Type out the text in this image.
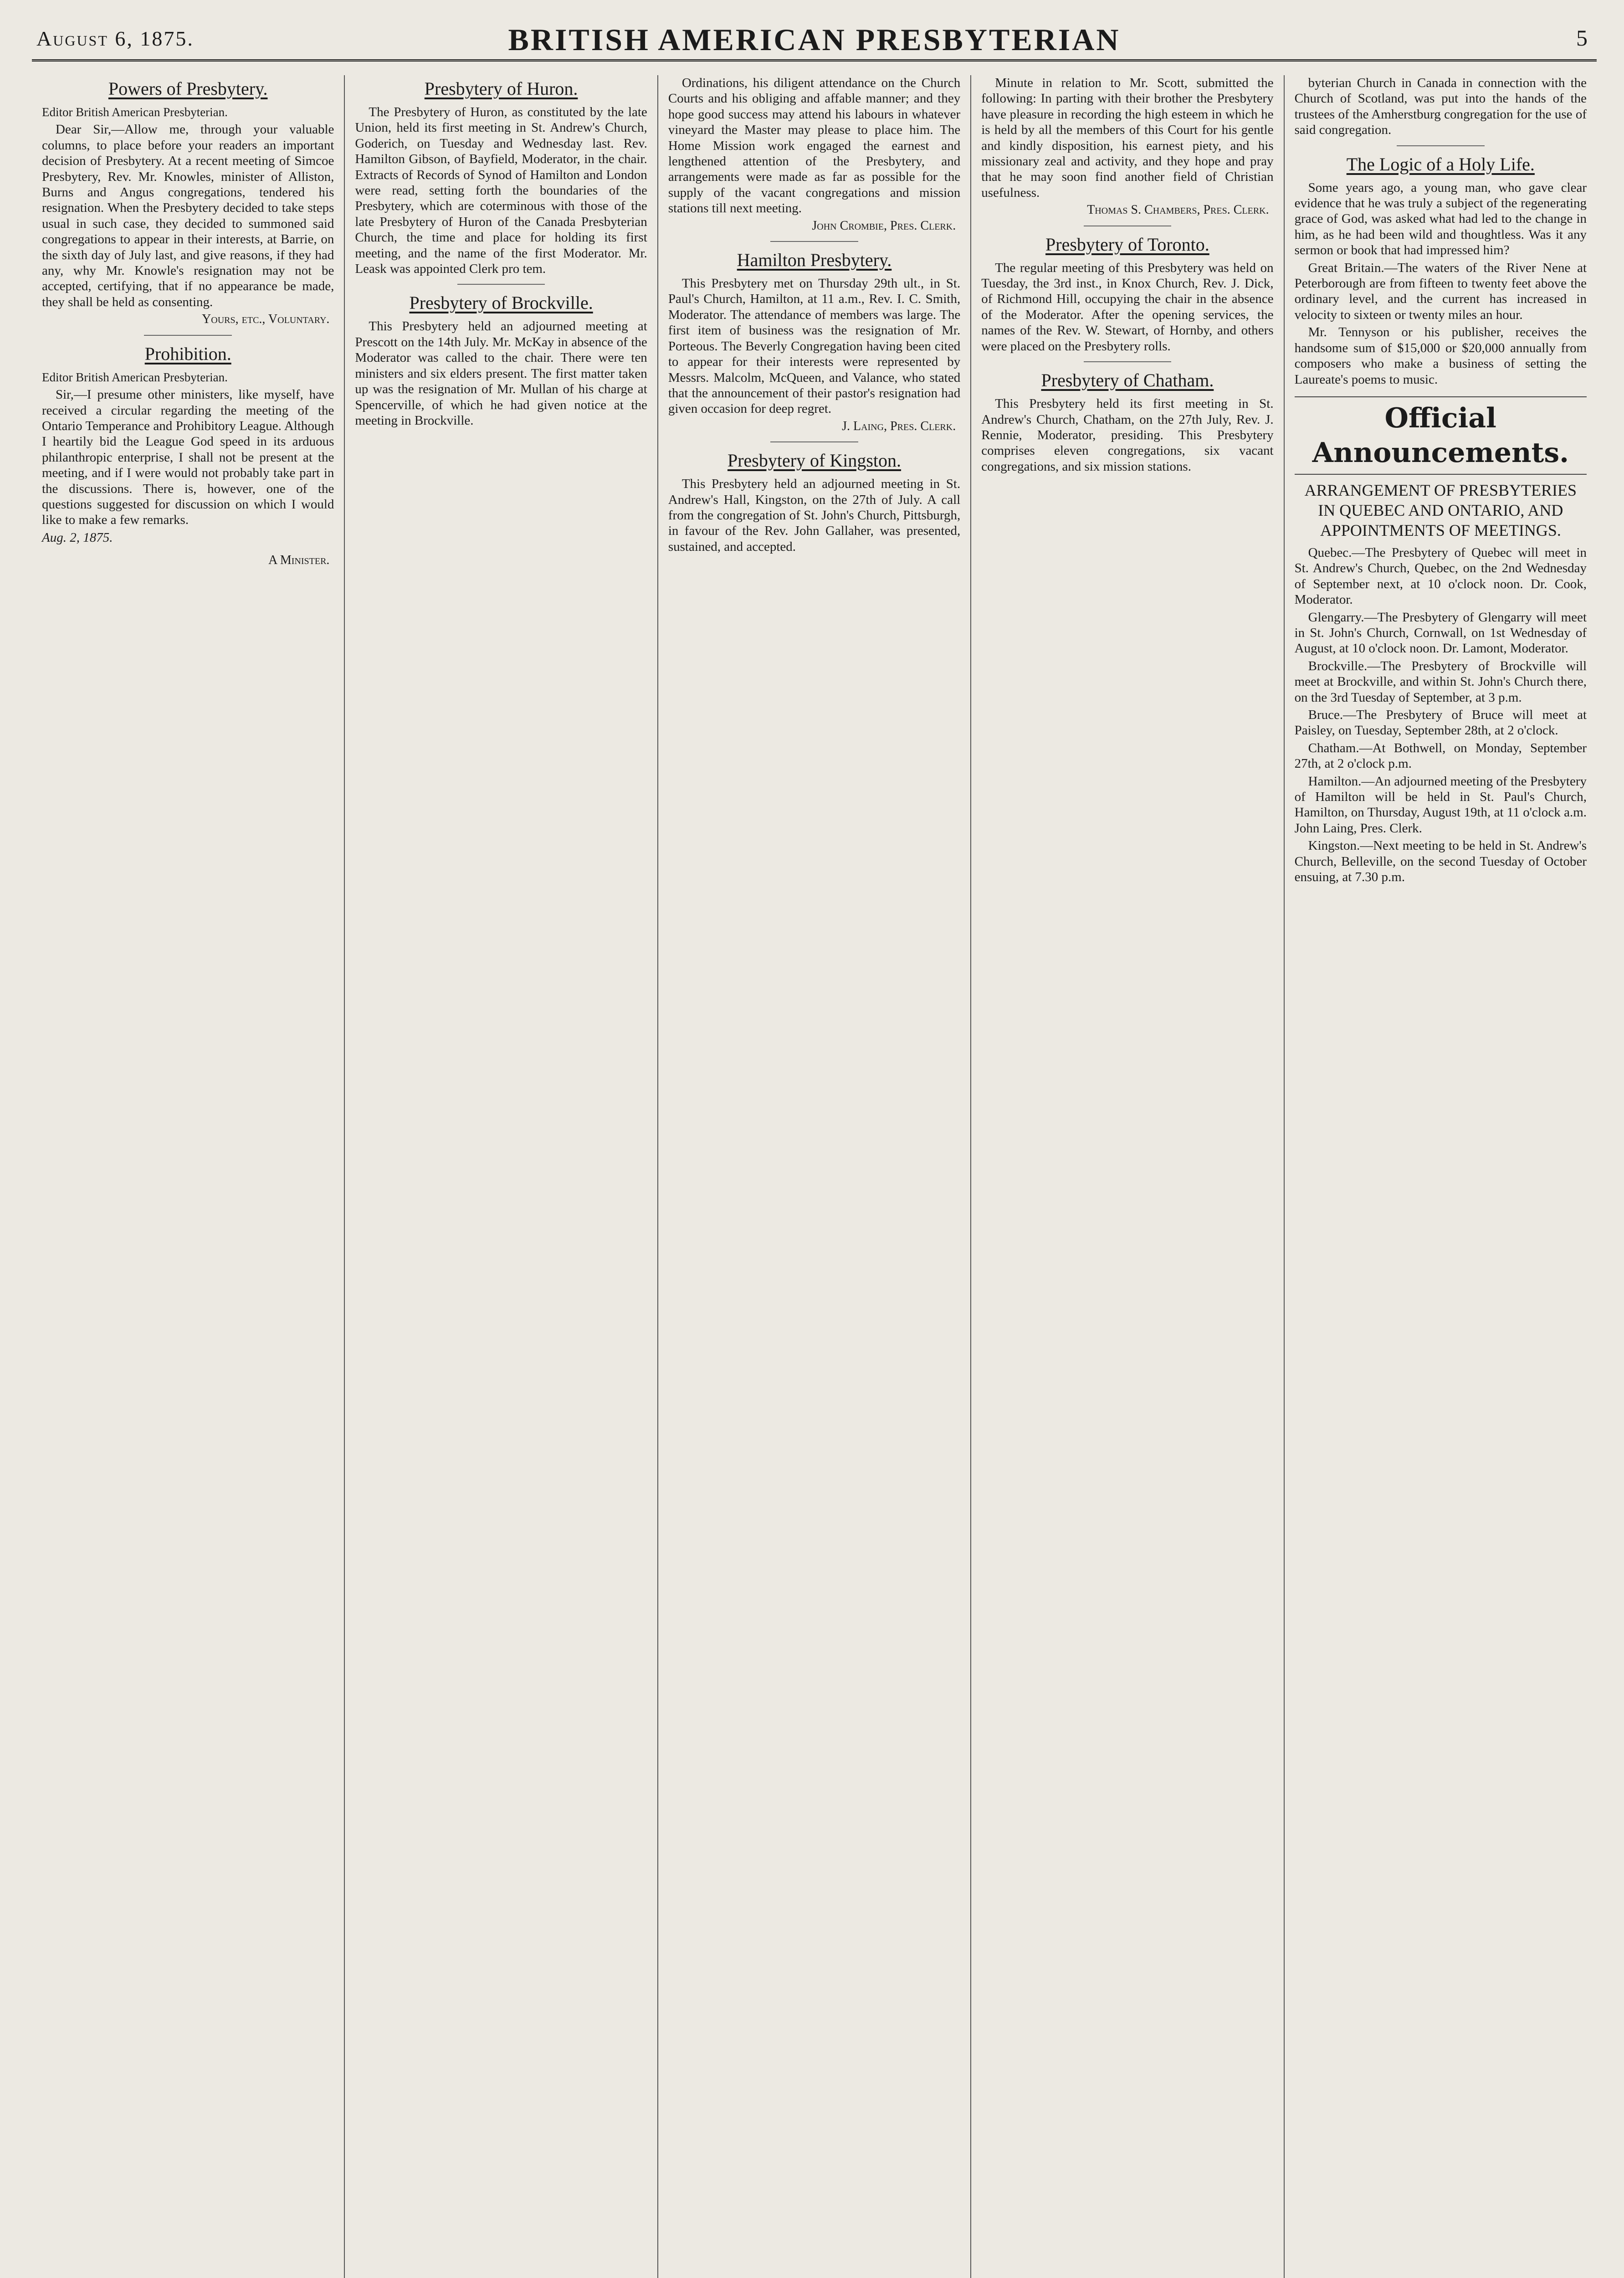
August 6, 1875.	BRITISH AMERICAN PRESBYTERIAN	5
Powers of Presbytery.

Editor British American Presbyterian.

Dear Sir,—Allow me, through your valuable columns, to place before your readers an important decision of Presbytery. At a recent meeting of Simcoe Presbytery, Rev. Mr. Knowles, minister of Alliston, Burns and Angus congregations, tendered his resignation. When the Presbytery decided to take steps usual in such case, they decided to summoned said congregations to appear in their interests, at Barrie, on the sixth day of July last, and give reasons, if they had any, why Mr. Knowle's resignation may not be accepted, certifying, that if no appearance be made, they shall be held as consenting.

Yours, etc., Voluntary.

Prohibition.

Editor British American Presbyterian.

Sir,—I presume other ministers, like myself, have received a circular regarding the meeting of the Ontario Temperance and Prohibitory League. Although I heartily bid the League God speed in its arduous philanthropic enterprise, I shall not be present at the meeting, and if I were would not probably take part in the discussions. There is, however, one of the questions suggested for discussion on which I would like to make a few remarks.

Aug. 2, 1875.

A Minister.

Presbytery of Huron.

The Presbytery of Huron, as constituted by the late Union, held its first meeting in St. Andrew's Church, Goderich, on Tuesday and Wednesday last. Rev. Hamilton Gibson, of Bayfield, Moderator, in the chair. Extracts of Records of Synod of Hamilton and London were read, setting forth the boundaries of the Presbytery, which are coterminous with those of the late Presbytery of Huron of the Canada Presbyterian Church, the time and place for holding its first meeting, and the name of the first Moderator. Mr. Leask was appointed Clerk pro tem.

Presbytery of Brockville.

This Presbytery held an adjourned meeting at Prescott on the 14th July. Mr. McKay in absence of the Moderator was called to the chair. There were ten ministers and six elders present. The first matter taken up was the resignation of Mr. Mullan of his charge at Spencerville, of which he had given notice at the meeting in Brockville.

Ordinations, his diligent attendance on the Church Courts and his obliging and affable manner; and they hope good success may attend his labours in whatever vineyard the Master may please to place him. The Home Mission work engaged the earnest and lengthened attention of the Presbytery, and arrangements were made as far as possible for the supply of the vacant congregations and mission stations till next meeting.

John Crombie, Pres. Clerk.

Hamilton Presbytery.

This Presbytery met on Thursday 29th ult., in St. Paul's Church, Hamilton, at 11 a.m., Rev. I. C. Smith, Moderator. The attendance of members was large. The first item of business was the resignation of Mr. Porteous. The Beverly Congregation having been cited to appear for their interests were represented by Messrs. Malcolm, McQueen, and Valance, who stated that the announcement of their pastor's resignation had given occasion for deep regret.

J. Laing, Pres. Clerk.

Presbytery of Kingston.

This Presbytery held an adjourned meeting in St. Andrew's Hall, Kingston, on the 27th of July. A call from the congregation of St. John's Church, Pittsburgh, in favour of the Rev. John Gallaher, was presented, sustained, and accepted.

Minute in relation to Mr. Scott, submitted the following: In parting with their brother the Presbytery have pleasure in recording the high esteem in which he is held by all the members of this Court for his gentle and kindly disposition, his earnest piety, and his missionary zeal and activity, and they hope and pray that he may soon find another field of Christian usefulness.

Thomas S. Chambers, Pres. Clerk.

Presbytery of Toronto.

The regular meeting of this Presbytery was held on Tuesday, the 3rd inst., in Knox Church, Rev. J. Dick, of Richmond Hill, occupying the chair in the absence of the Moderator. After the opening services, the names of the Rev. W. Stewart, of Hornby, and others were placed on the Presbytery rolls.

Presbytery of Chatham.

This Presbytery held its first meeting in St. Andrew's Church, Chatham, on the 27th July, Rev. J. Rennie, Moderator, presiding. This Presbytery comprises eleven congregations, six vacant congregations, and six mission stations.

byterian Church in Canada in connection with the Church of Scotland, was put into the hands of the trustees of the Amherstburg congregation for the use of said congregation.

The Logic of a Holy Life.

Some years ago, a young man, who gave clear evidence that he was truly a subject of the regenerating grace of God, was asked what had led to the change in him, as he had been wild and thoughtless. Was it any sermon or book that had impressed him?

Great Britain.—The waters of the River Nene at Peterborough are from fifteen to twenty feet above the ordinary level, and the current has increased in velocity to sixteen or twenty miles an hour.

Mr. Tennyson or his publisher, receives the handsome sum of $15,000 or $20,000 annually from composers who make a business of setting the Laureate's poems to music.

Official Announcements.
ARRANGEMENT OF PRESBYTERIES IN QUEBEC AND ONTARIO, AND APPOINTMENTS OF MEETINGS.

Quebec.—The Presbytery of Quebec will meet in St. Andrew's Church, Quebec, on the 2nd Wednesday of September next, at 10 o'clock noon. Dr. Cook, Moderator.

Glengarry.—The Presbytery of Glengarry will meet in St. John's Church, Cornwall, on 1st Wednesday of August, at 10 o'clock noon. Dr. Lamont, Moderator.

Brockville.—The Presbytery of Brockville will meet at Brockville, and within St. John's Church there, on the 3rd Tuesday of September, at 3 p.m.

Bruce.—The Presbytery of Bruce will meet at Paisley, on Tuesday, September 28th, at 2 o'clock.

Chatham.—At Bothwell, on Monday, September 27th, at 2 o'clock p.m.

Hamilton.—An adjourned meeting of the Presbytery of Hamilton will be held in St. Paul's Church, Hamilton, on Thursday, August 19th, at 11 o'clock a.m. John Laing, Pres. Clerk.

Kingston.—Next meeting to be held in St. Andrew's Church, Belleville, on the second Tuesday of October ensuing, at 7.30 p.m.
